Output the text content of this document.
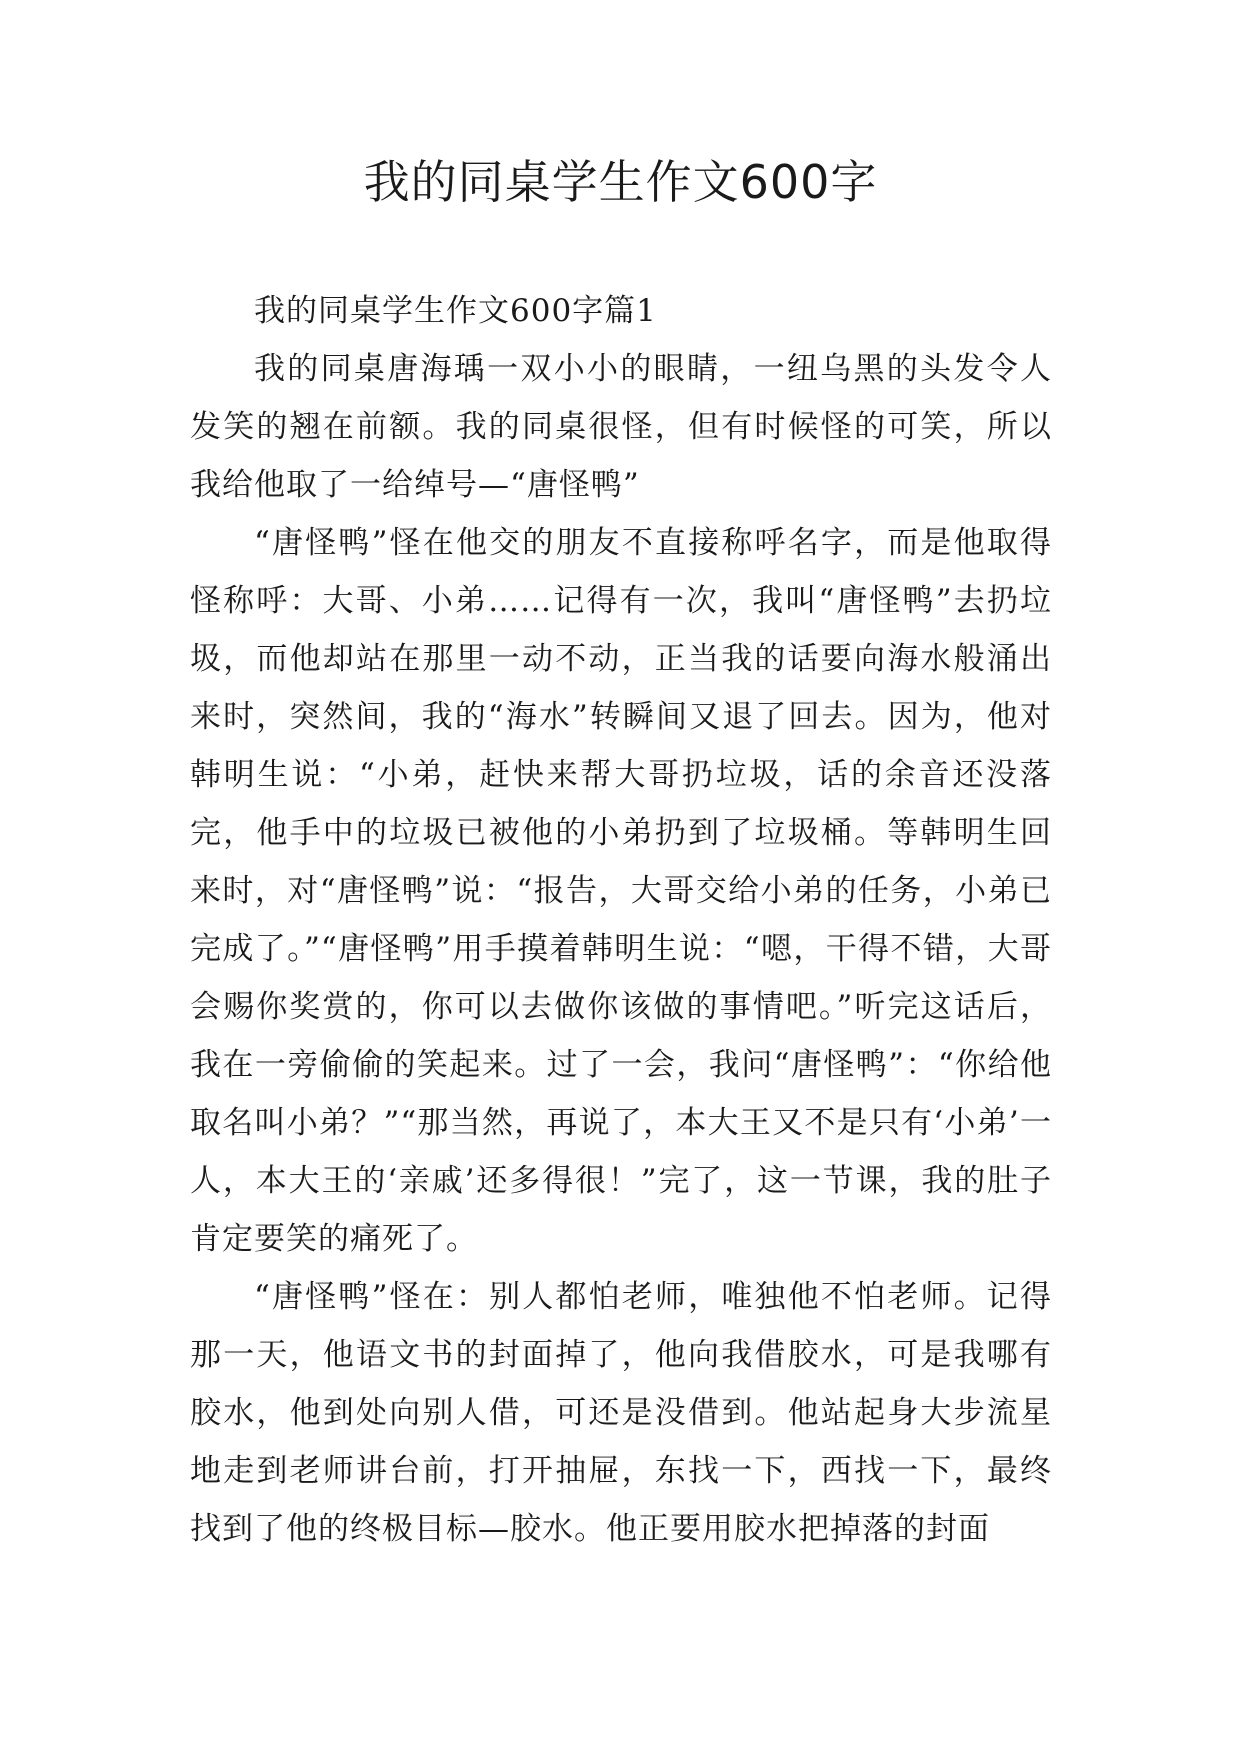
我的同桌学生作文600字

我的同桌学生作文600字篇1

我的同桌唐海瑀一双小小的眼睛，一纽乌黑的头发令人发笑的翘在前额。我的同桌很怪，但有时候怪的可笑，所以我给他取了一给绰号—“唐怪鸭”

“唐怪鸭”怪在他交的朋友不直接称呼名字，而是他取得怪称呼：大哥、小弟……记得有一次，我叫“唐怪鸭”去扔垃圾，而他却站在那里一动不动，正当我的话要向海水般涌出来时，突然间，我的“海水”转瞬间又退了回去。因为，他对韩明生说：“小弟，赶快来帮大哥扔垃圾，话的余音还没落完，他手中的垃圾已被他的小弟扔到了垃圾桶。等韩明生回来时，对“唐怪鸭”说：“报告，大哥交给小弟的任务，小弟已完成了。”“唐怪鸭”用手摸着韩明生说：“嗯，干得不错，大哥会赐你奖赏的，你可以去做你该做的事情吧。”听完这话后，我在一旁偷偷的笑起来。过了一会，我问“唐怪鸭”：“你给他取名叫小弟？”“那当然，再说了，本大王又不是只有‘小弟’一人，本大王的‘亲戚’还多得很！”完了，这一节课，我的肚子肯定要笑的痛死了。

“唐怪鸭”怪在：别人都怕老师，唯独他不怕老师。记得那一天，他语文书的封面掉了，他向我借胶水，可是我哪有胶水，他到处向别人借，可还是没借到。他站起身大步流星地走到老师讲台前，打开抽屉，东找一下，西找一下，最终找到了他的终极目标—胶水。他正要用胶水把掉落的封面
